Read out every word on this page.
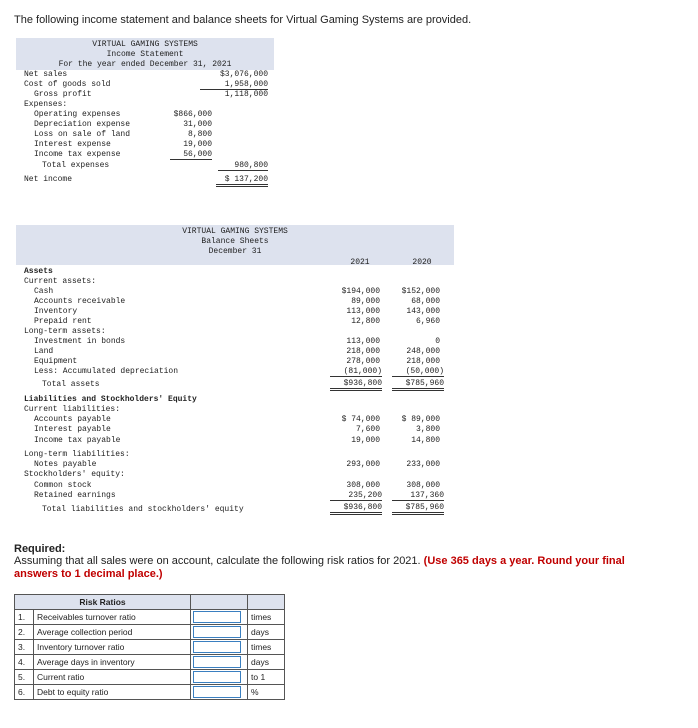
The following income statement and balance sheets for Virtual Gaming Systems are provided.
VIRTUAL GAMING SYSTEMS
Income Statement
For the year ended December 31, 2021
Net sales	$3,076,000
Cost of goods sold	1,958,000
Gross profit	1,118,000
Expenses:
Operating expenses	$866,000
Depreciation expense	31,000
Loss on sale of land	8,800
Interest expense	19,000
Income tax expense	56,000
Total expenses	980,800
Net income	$ 137,200
VIRTUAL GAMING SYSTEMS
Balance Sheets
December 31
2021	2020
Assets
Current assets:
Cash	$194,000	$152,000
Accounts receivable	89,000	68,000
Inventory	113,000	143,000
Prepaid rent	12,800	6,960
Long-term assets:
Investment in bonds	113,000	0
Land	218,000	248,000
Equipment	278,000	218,000
Less: Accumulated depreciation	(81,000)	(50,000)
Total assets	$936,800	$785,960
Liabilities and Stockholders' Equity
Current liabilities:
Accounts payable	$ 74,000	$ 89,000
Interest payable	7,600	3,800
Income tax payable	19,000	14,800
Long-term liabilities:
Notes payable	293,000	233,000
Stockholders' equity:
Common stock	308,000	308,000
Retained earnings	235,200	137,360
Total liabilities and stockholders' equity	$936,800	$785,960
Required:
Assuming that all sales were on account, calculate the following risk ratios for 2021. (Use 365 days a year. Round your final answers to 1 decimal place.)
Risk Ratios			
1.	Receivables turnover ratio		times
2.	Average collection period		days
3.	Inventory turnover ratio		times
4.	Average days in inventory		days
5.	Current ratio		to 1
6.	Debt to equity ratio		%
